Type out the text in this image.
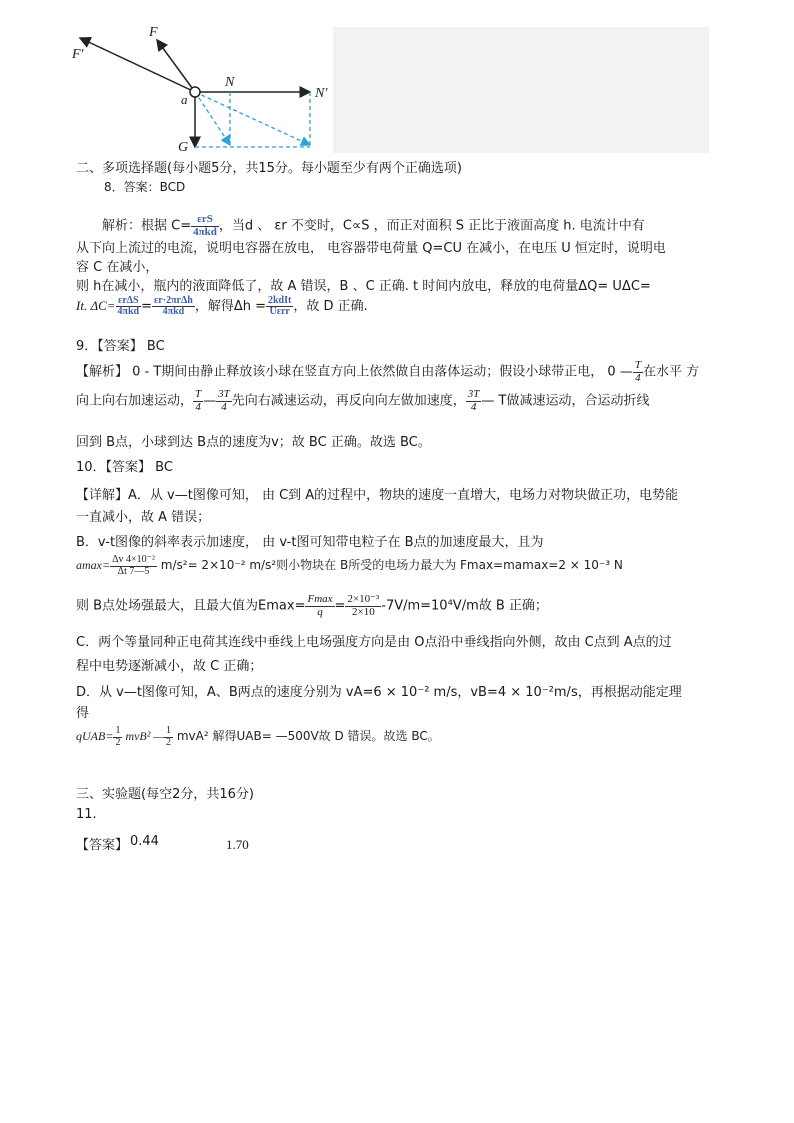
F′
F
N
N′
a
G
二、多项选择题(每小题5分，共15分。每小题至少有两个正确选项)
8．答案：BCD
解析：根据 $C= \frac{\text{εrS}}{\text{4πkd}}$ ，当d 、 εr 不变时，C∝S ，而正对面积 S 正比于液面高度 h. 电流计中有
从下向上流过的电流，说明电容器在放电， 电容器带电荷量 Q=CU 在减小，在电压 U 恒定时，说明电
容 C 在减小，
则 h在减小，瓶内的液面降低了，故 A 错误，B 、C 正确. t 时间内放电，释放的电荷量ΔQ= UΔC=
It. $\Delta C= \frac{\text{εrΔS}}{\text{4πkd}} = \frac{\text{εr·2πrΔh}}{\text{4πkd}}$ ，解得$\Delta h = \frac{\text{2kdIt}}{\text{Uεrr}}$ ，故 D 正确.
9．【答案】 BC
【解析】 0 - T期间由静止释放该小球在竖直方向上依然做自由落体运动；假设小球带正电， 0 — $\frac{T}{4}$ 在水平 方
向上向右加速运动， $\frac{T}{4}$ — $\frac{3T}{4}$ 先向右减速运动，再反向向左做加速度， $\frac{3T}{4}$ — T做减速运动，合运动折线
回到 B点，小球到达 B点的速度为v；故 BC 正确。故选 BC。
10．【答案】 BC
【详解】A．从 v—t图像可知， 由 C到 A的过程中，物块的速度一直增大，电场力对物块做正功，电势能
一直减小，故 A 错误；
B．v-t图像的斜率表示加速度， 由 v-t图可知带电粒子在 B点的加速度最大，且为
$amax= \frac{\text{Δv 4×10⁻²}}{\Delta t 7—5} m/s^2= 2\times 10^{-2}$ m/s²则小物块在 B所受的电场力最大为 Fmax=mamax=2 × 10⁻³ N
则 B点处场强最大，且最大值为$Emax= \frac{Fmax}{q} = \frac{\text{2×10⁻³}}{2\times 10} -7V/m=10^4V/m$故 B 正确；
C．两个等量同种正电荷其连线中垂线上电场强度方向是由 O点沿中垂线指向外侧，故由 C点到 A点的过
程中电势逐渐减小，故 C 正确；
D．从 v—t图像可知，A、B两点的速度分别为 vA=6 × 10⁻² m/s，vB=4 × 10⁻²m/s，再根据动能定理
得
qUAB= $\frac{1}{2} mvB^2$ — $\frac{1}{2} mvA^2$ 解得UAB= —500V故 D 错误。故选 BC。
三、实验题(每空2分，共16分)
11.
【答案】 0.44	1.70
